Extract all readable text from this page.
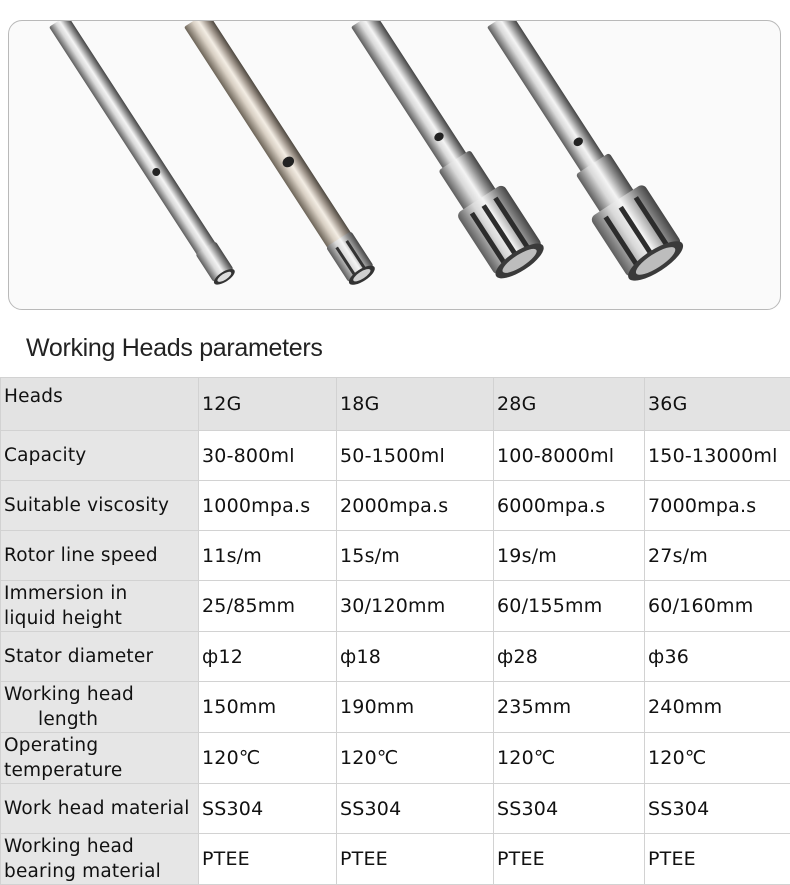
Working Heads parameters
Heads	12G	18G	28G	36G
Capacity	30-800ml	50-1500ml	100-8000ml	150-13000ml
Suitable viscosity	1000mpa.s	2000mpa.s	6000mpa.s	7000mpa.s
Rotor line speed	11s/m	15s/m	19s/m	27s/m
Immersion in
liquid height	25/85mm	30/120mm	60/155mm	60/160mm
Stator diameter	ф12	ф18	ф28	ф36
Working head
length	150mm	190mm	235mm	240mm
Operating
temperature	120℃	120℃	120℃	120℃
Work head material	SS304	SS304	SS304	SS304
Working head
bearing material	PTEE	PTEE	PTEE	PTEE
